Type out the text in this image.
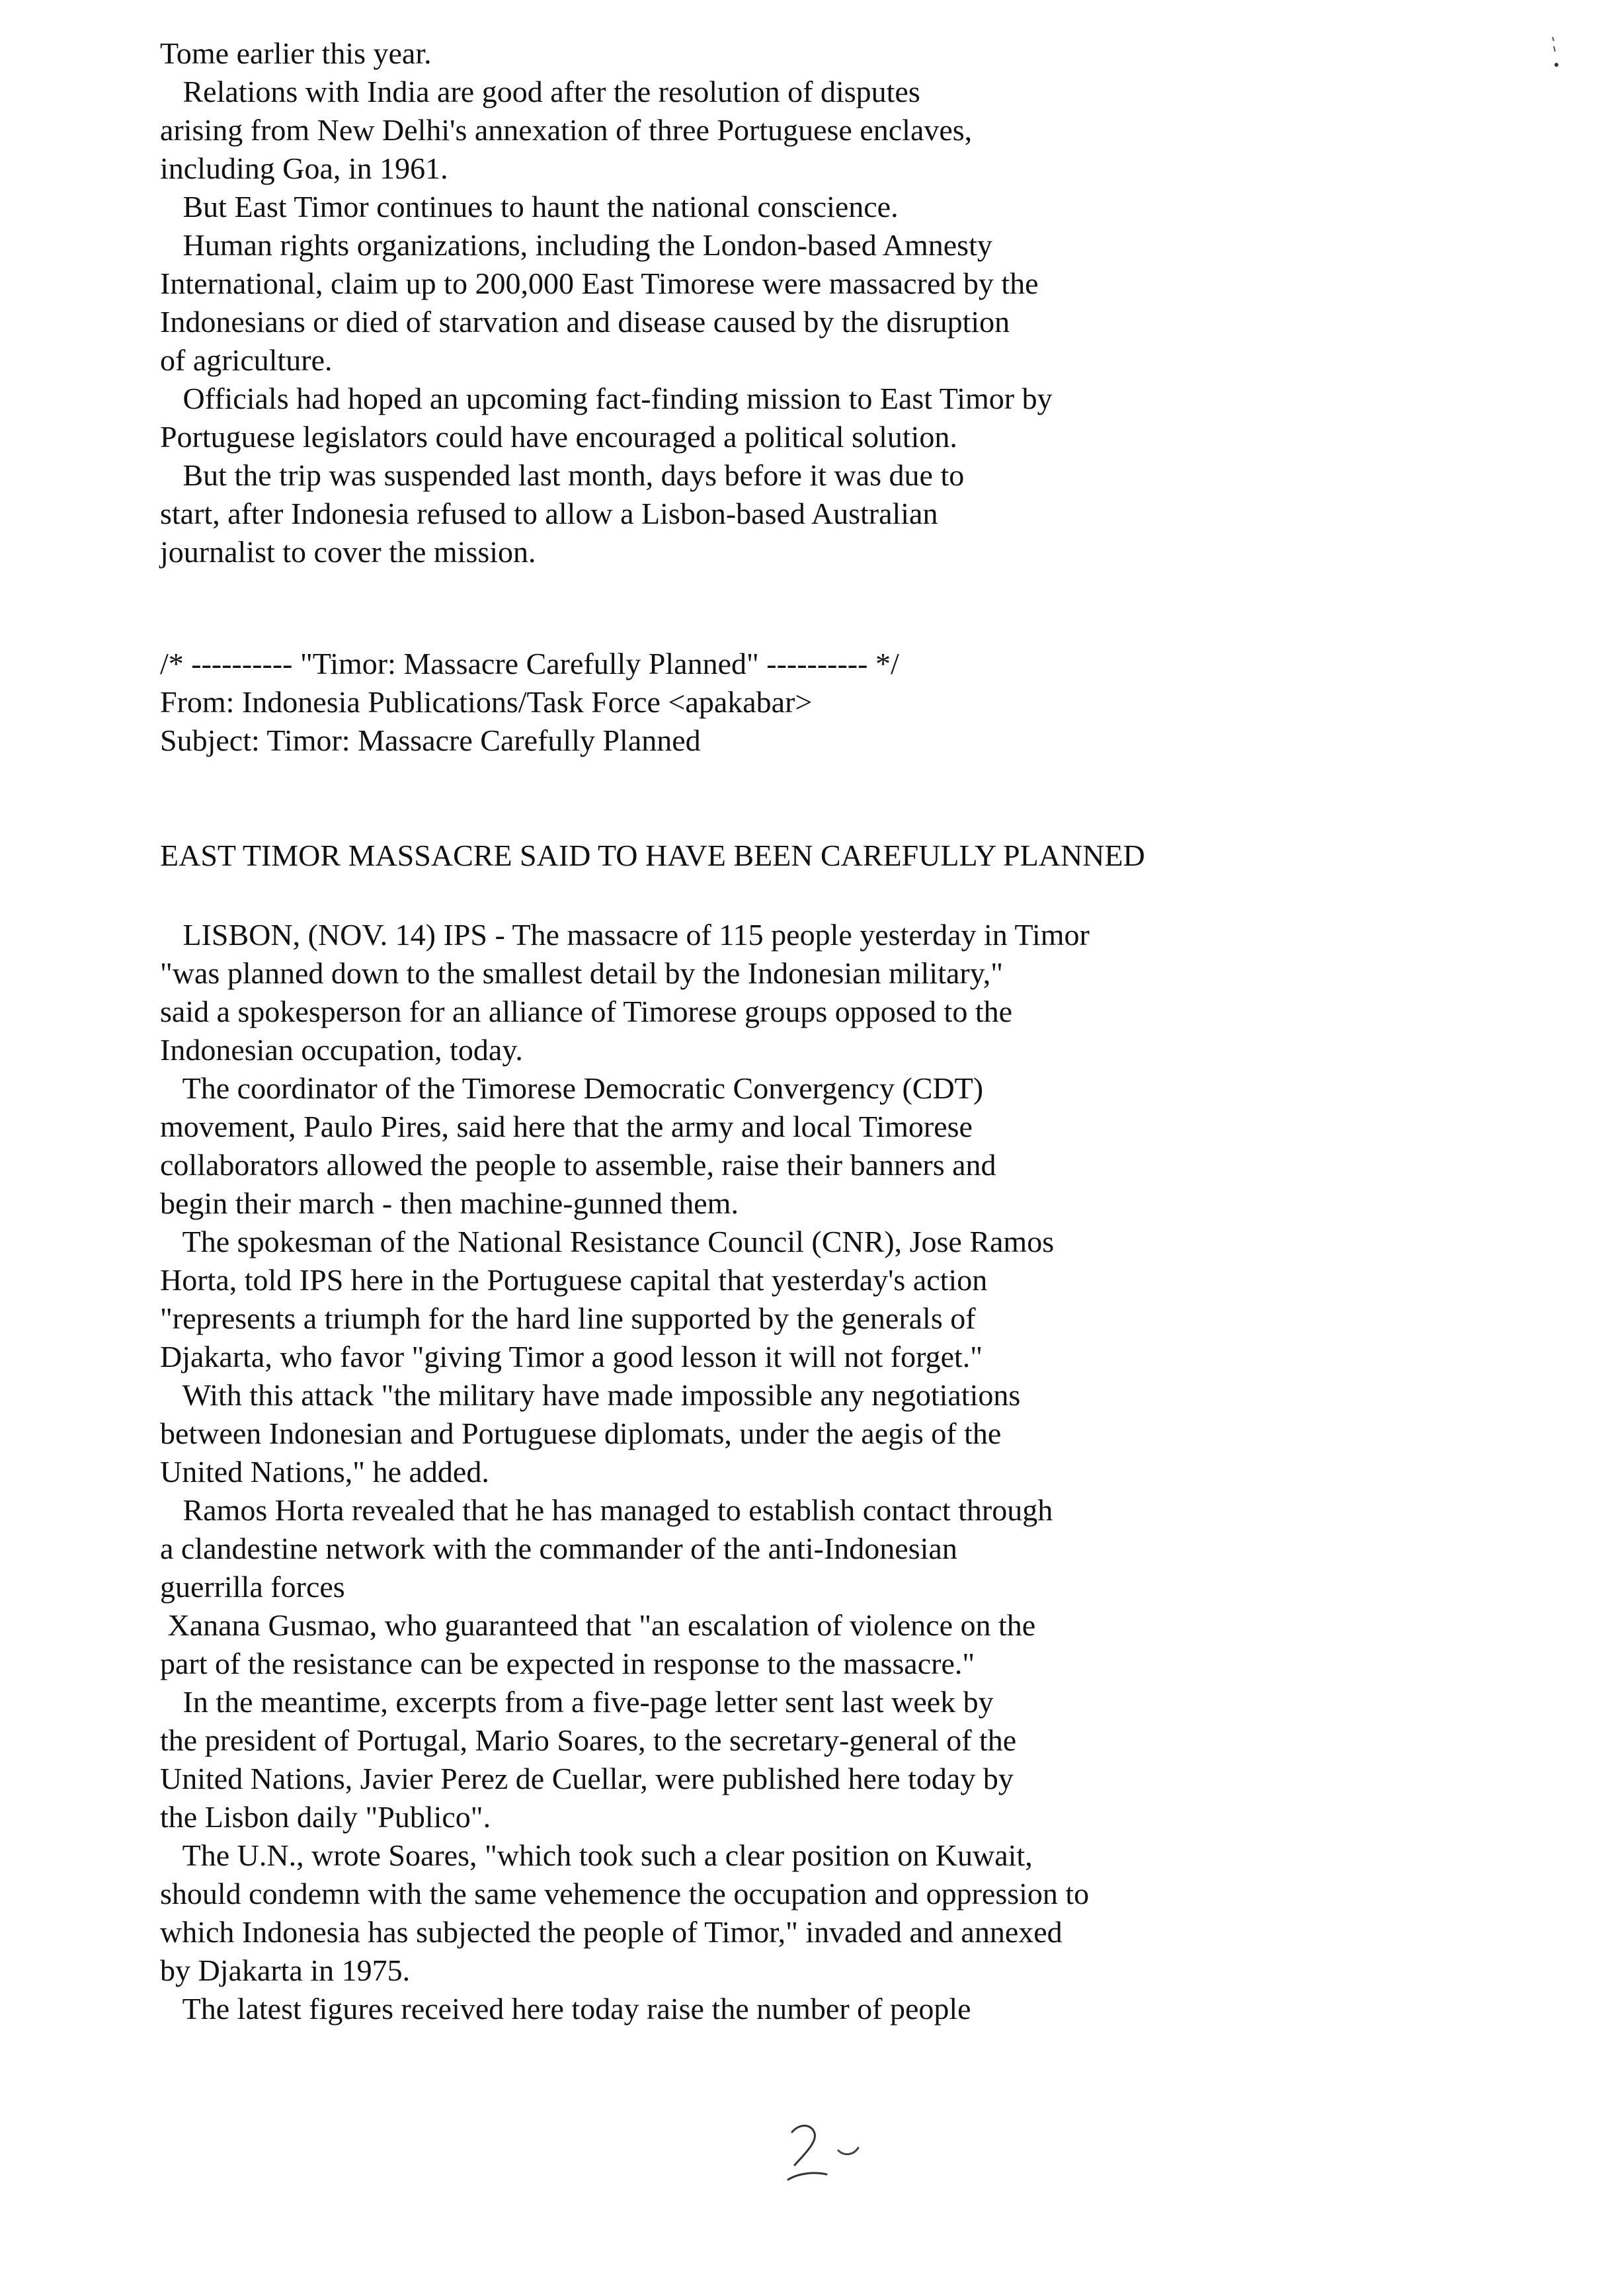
Tome earlier this year.
Relations with India are good after the resolution of disputes
arising from New Delhi's annexation of three Portuguese enclaves,
including Goa, in 1961.
But East Timor continues to haunt the national conscience.
Human rights organizations, including the London-based Amnesty
International, claim up to 200,000 East Timorese were massacred by the
Indonesians or died of starvation and disease caused by the disruption
of agriculture.
Officials had hoped an upcoming fact-finding mission to East Timor by
Portuguese legislators could have encouraged a political solution.
But the trip was suspended last month, days before it was due to
start, after Indonesia refused to allow a Lisbon-based Australian
journalist to cover the mission.
/* ---------- "Timor: Massacre Carefully Planned" ---------- */
From: Indonesia Publications/Task Force <apakabar>
Subject: Timor: Massacre Carefully Planned
EAST TIMOR MASSACRE SAID TO HAVE BEEN CAREFULLY PLANNED
LISBON, (NOV. 14) IPS - The massacre of 115 people yesterday in Timor
"was planned down to the smallest detail by the Indonesian military,"
said a spokesperson for an alliance of Timorese groups opposed to the
Indonesian occupation, today.
The coordinator of the Timorese Democratic Convergency (CDT)
movement, Paulo Pires, said here that the army and local Timorese
collaborators allowed the people to assemble, raise their banners and
begin their march - then machine-gunned them.
The spokesman of the National Resistance Council (CNR), Jose Ramos
Horta, told IPS here in the Portuguese capital that yesterday's action
"represents a triumph for the hard line supported by the generals of
Djakarta, who favor "giving Timor a good lesson it will not forget."
With this attack "the military have made impossible any negotiations
between Indonesian and Portuguese diplomats, under the aegis of the
United Nations," he added.
Ramos Horta revealed that he has managed to establish contact through
a clandestine network with the commander of the anti-Indonesian
guerrilla forces
Xanana Gusmao, who guaranteed that "an escalation of violence on the
part of the resistance can be expected in response to the massacre."
In the meantime, excerpts from a five-page letter sent last week by
the president of Portugal, Mario Soares, to the secretary-general of the
United Nations, Javier Perez de Cuellar, were published here today by
the Lisbon daily "Publico".
The U.N., wrote Soares, "which took such a clear position on Kuwait,
should condemn with the same vehemence the occupation and oppression to
which Indonesia has subjected the people of Timor," invaded and annexed
by Djakarta in 1975.
The latest figures received here today raise the number of people
